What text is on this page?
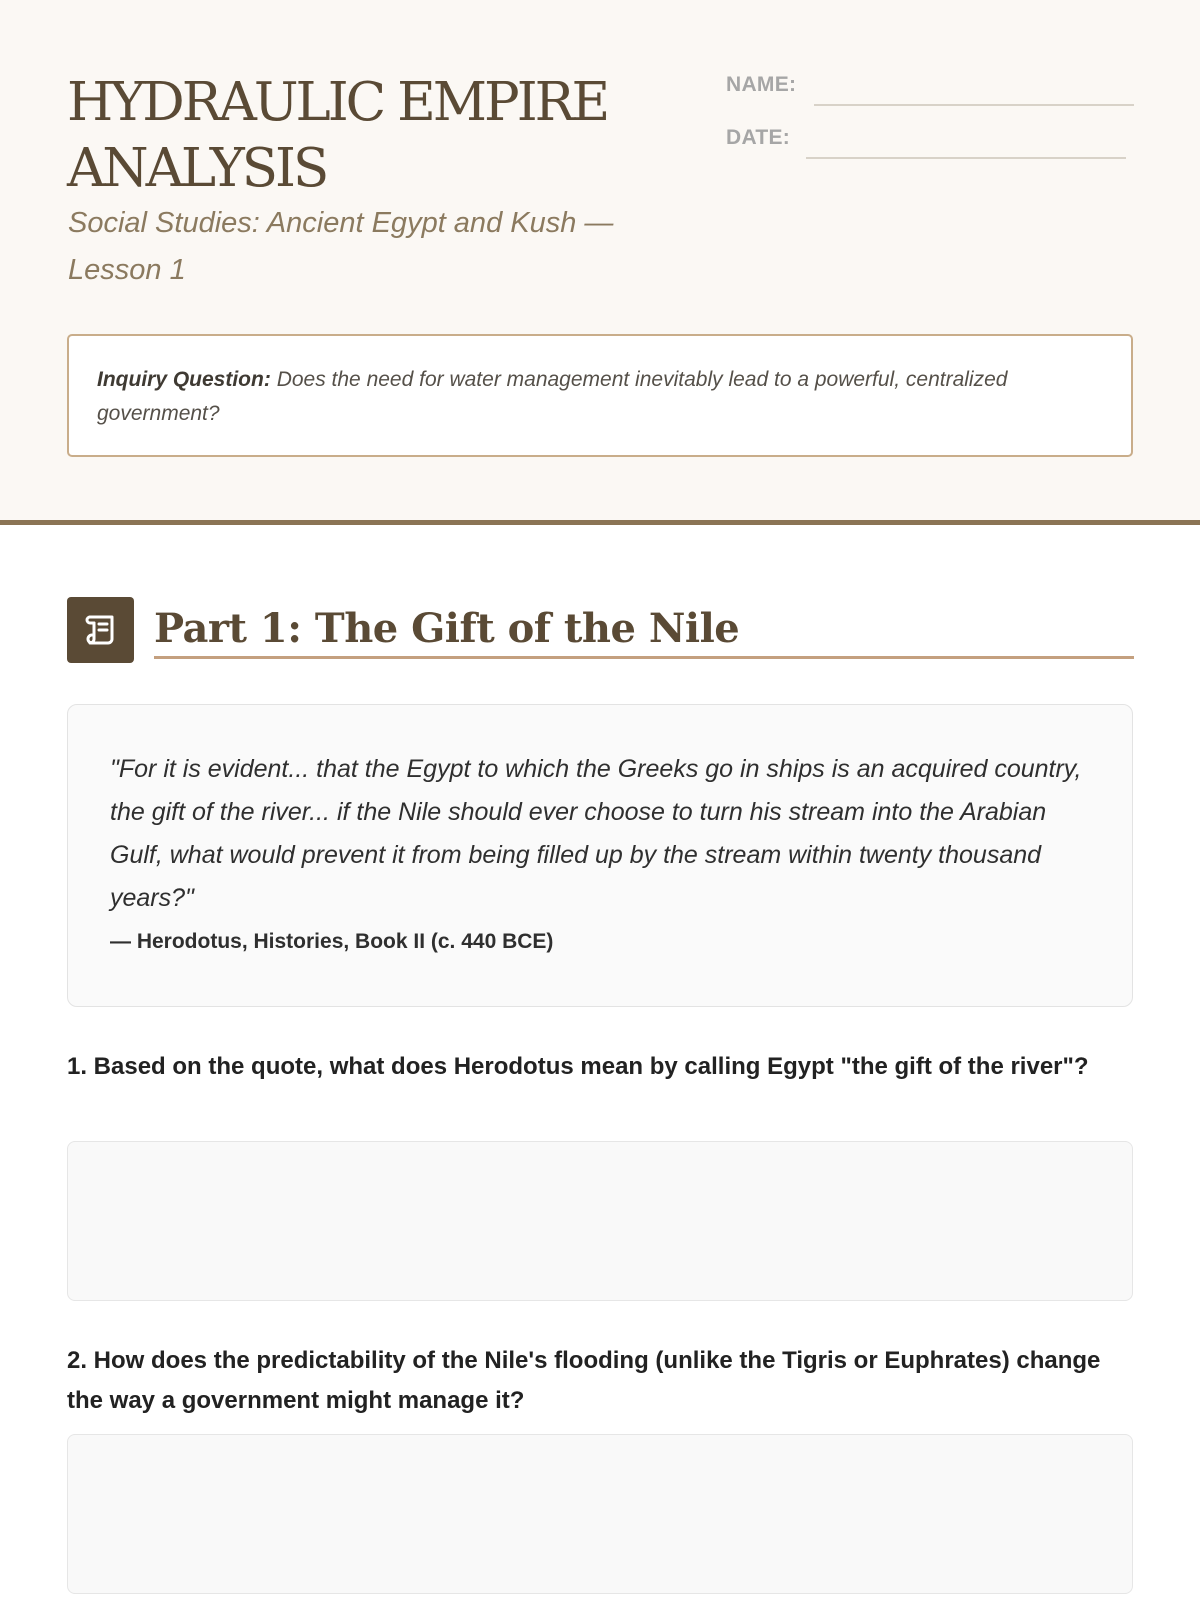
HYDRAULIC EMPIRE ANALYSIS
Social Studies: Ancient Egypt and Kush — Lesson 1
NAME:
DATE:
Inquiry Question: Does the need for water management inevitably lead to a powerful, centralized government?
Part 1: The Gift of the Nile

"For it is evident... that the Egypt to which the Greeks go in ships is an acquired country, the gift of the river... if the Nile should ever choose to turn his stream into the Arabian Gulf, what would prevent it from being filled up by the stream within twenty thousand years?"

— Herodotus, Histories, Book II (c. 440 BCE)

1. Based on the quote, what does Herodotus mean by calling Egypt "the gift of the river"?
2. How does the predictability of the Nile's flooding (unlike the Tigris or Euphrates) change the way a government might manage it?
